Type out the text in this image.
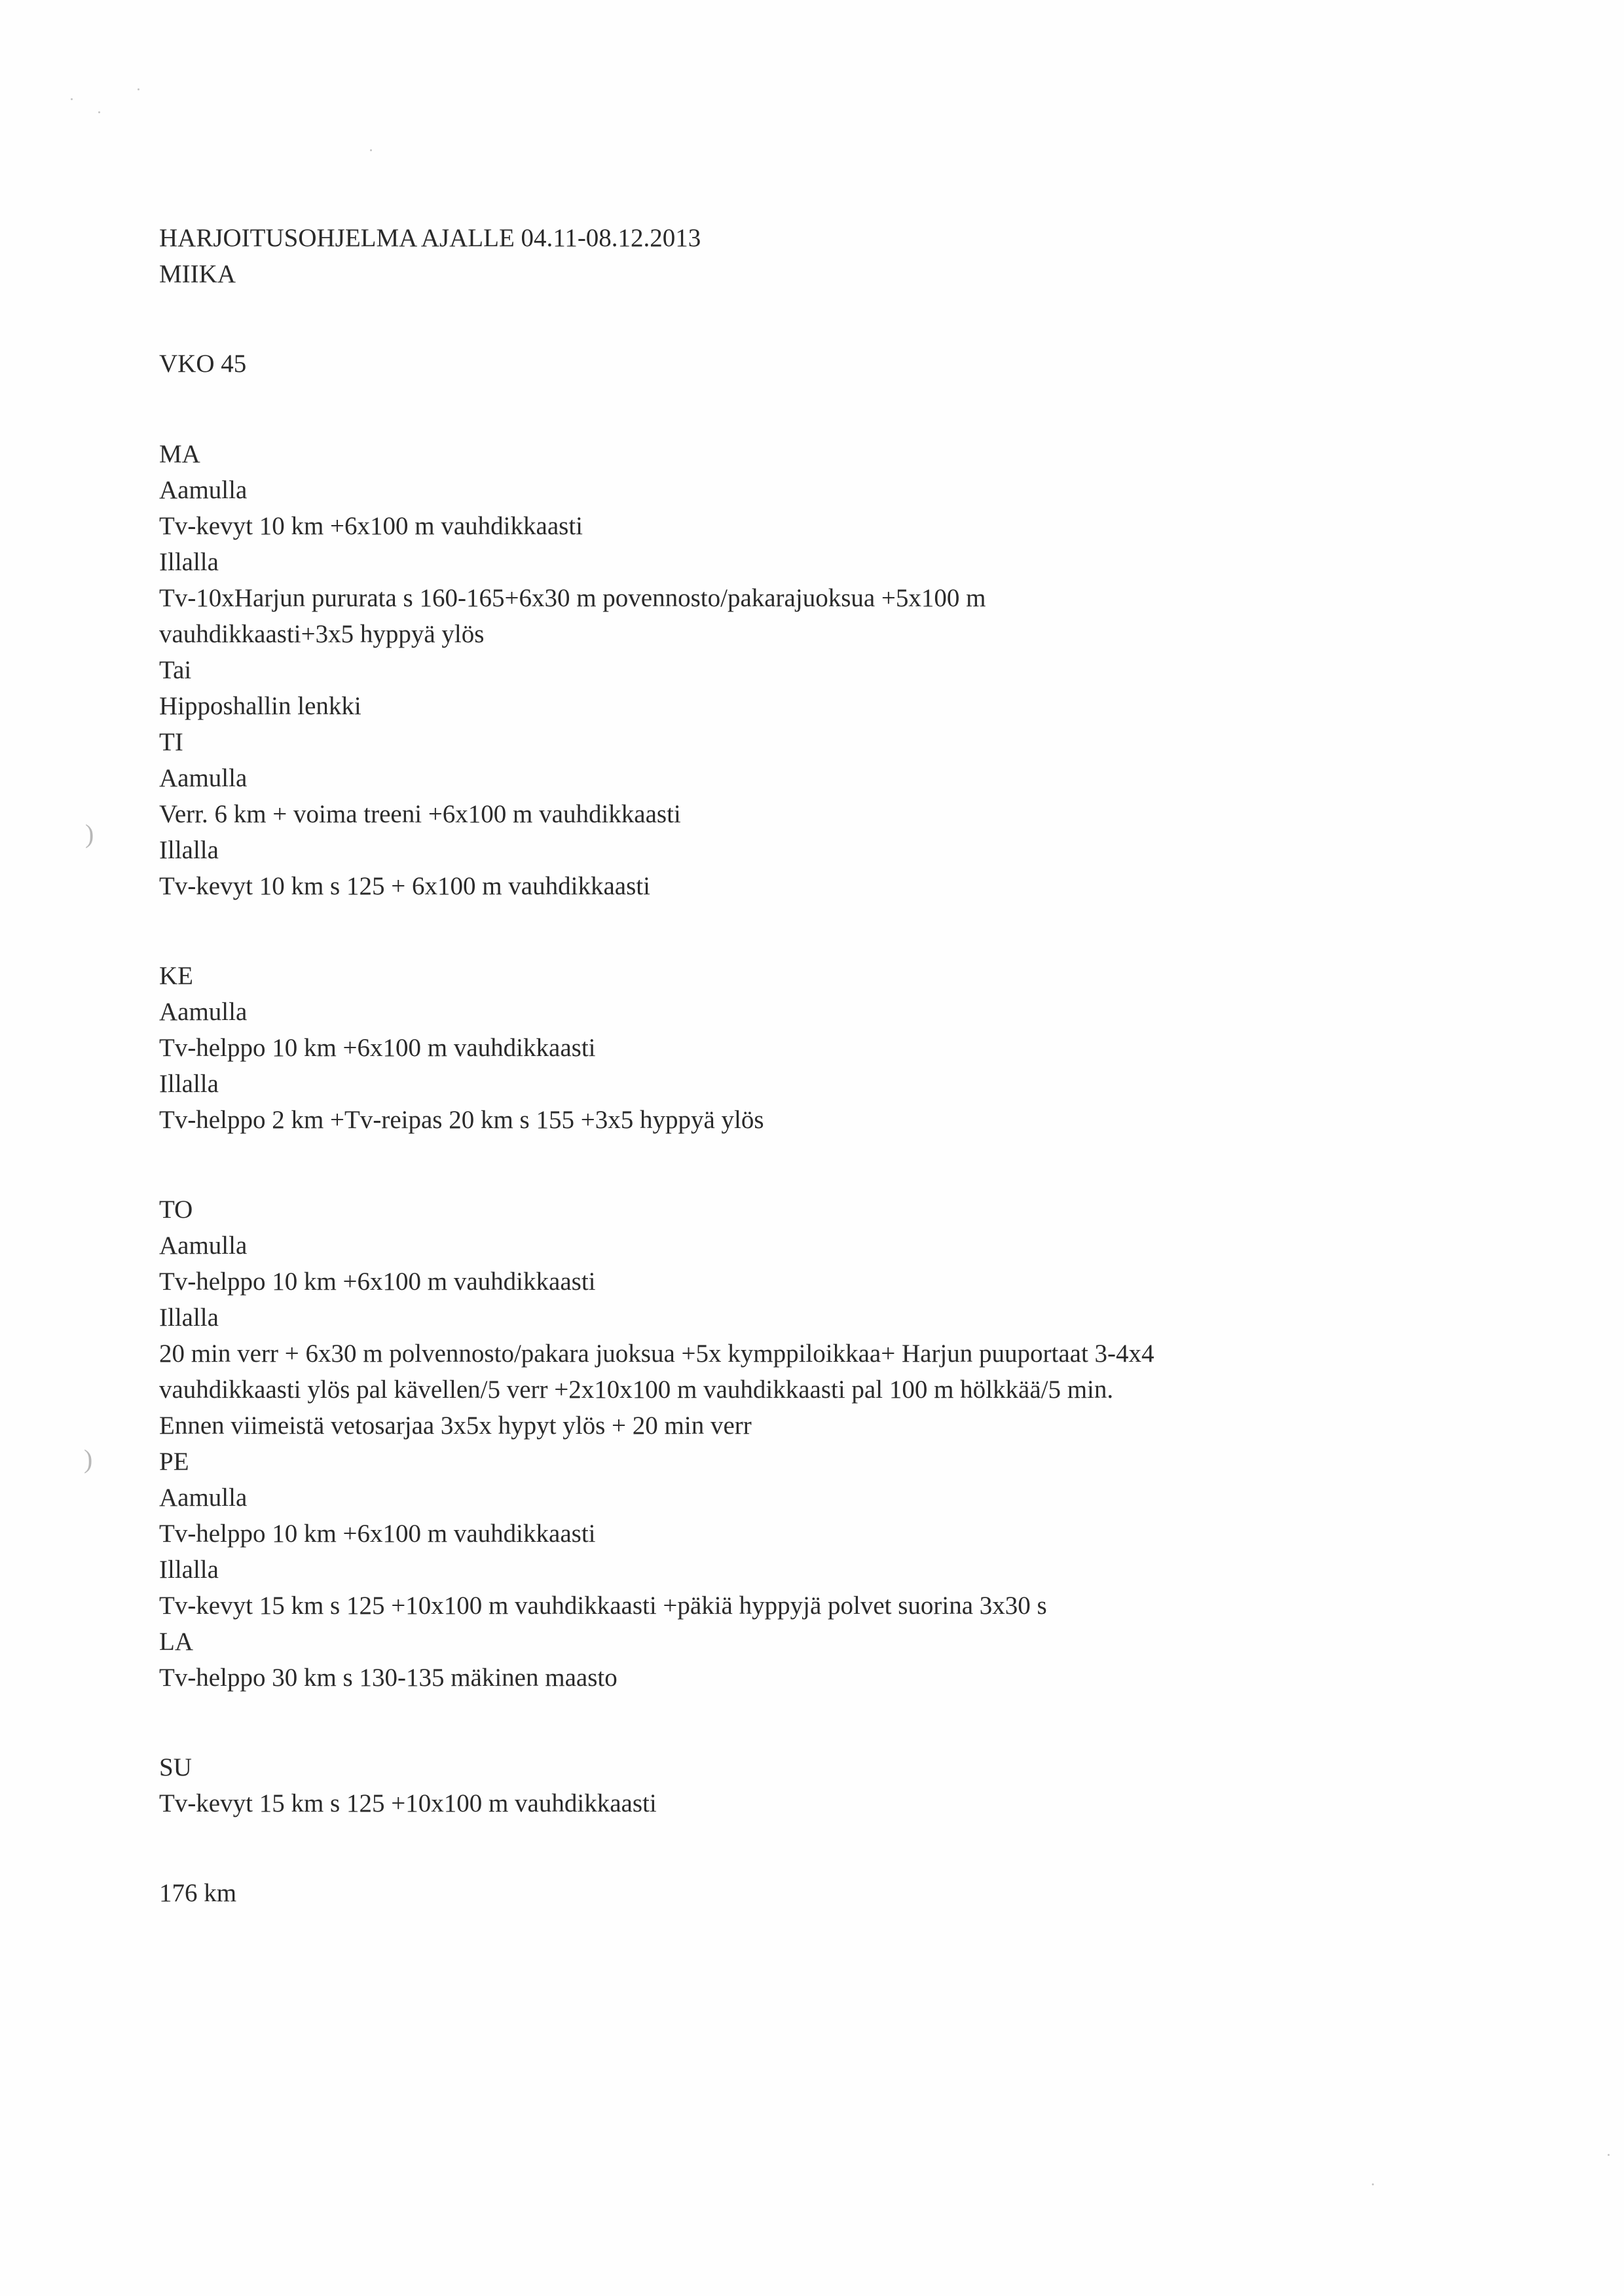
)
)
HARJOITUSOHJELMA AJALLE 04.11-08.12.2013
MIIKA
VKO 45
MA
Aamulla
Tv-kevyt 10 km +6x100 m vauhdikkaasti
Illalla
Tv-10xHarjun pururata s 160-165+6x30 m povennosto/pakarajuoksua +5x100 m
vauhdikkaasti+3x5 hyppyä ylös
Tai
Hipposhallin lenkki
TI
Aamulla
Verr. 6 km + voima treeni +6x100 m vauhdikkaasti
Illalla
Tv-kevyt 10 km s 125 + 6x100 m vauhdikkaasti
KE
Aamulla
Tv-helppo 10 km +6x100 m vauhdikkaasti
Illalla
Tv-helppo 2 km +Tv-reipas 20 km s 155 +3x5 hyppyä ylös
TO
Aamulla
Tv-helppo 10 km +6x100 m vauhdikkaasti
Illalla
20 min verr + 6x30 m polvennosto/pakara juoksua +5x kymppiloikkaa+ Harjun puuportaat 3-4x4
vauhdikkaasti ylös pal kävellen/5 verr +2x10x100 m vauhdikkaasti pal 100 m hölkkää/5 min.
Ennen viimeistä vetosarjaa 3x5x hypyt ylös + 20 min verr
PE
Aamulla
Tv-helppo 10 km +6x100 m vauhdikkaasti
Illalla
Tv-kevyt 15 km s 125 +10x100 m vauhdikkaasti +päkiä hyppyjä polvet suorina 3x30 s
LA
Tv-helppo 30 km s 130-135 mäkinen maasto
SU
Tv-kevyt 15 km s 125 +10x100 m vauhdikkaasti
176 km
